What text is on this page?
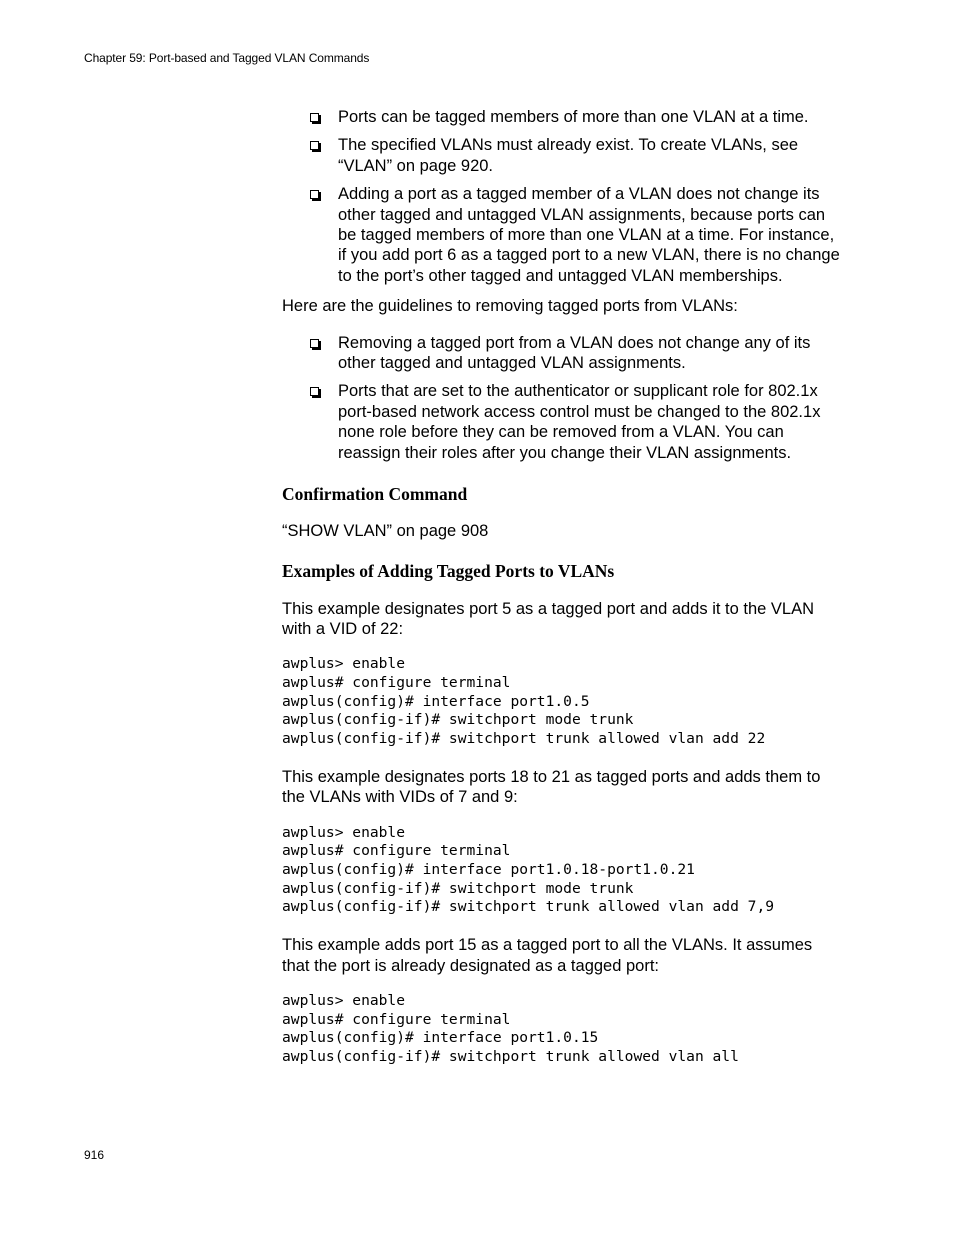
Chapter 59: Port-based and Tagged VLAN Commands
Ports can be tagged members of more than one VLAN at a time.
The specified VLANs must already exist. To create VLANs, see “VLAN” on page 920.
Adding a port as a tagged member of a VLAN does not change its other tagged and untagged VLAN assignments, because ports can be tagged members of more than one VLAN at a time. For instance, if you add port 6 as a tagged port to a new VLAN, there is no change to the port’s other tagged and untagged VLAN memberships.

Here are the guidelines to removing tagged ports from VLANs:

Removing a tagged port from a VLAN does not change any of its other tagged and untagged VLAN assignments.
Ports that are set to the authenticator or supplicant role for 802.1x port-based network access control must be changed to the 802.1x none role before they can be removed from a VLAN. You can reassign their roles after you change their VLAN assignments.
Confirmation Command

“SHOW VLAN” on page 908

Examples of Adding Tagged Ports to VLANs

This example designates port 5 as a tagged port and adds it to the VLAN with a VID of 22:

awplus> enable
awplus# configure terminal
awplus(config)# interface port1.0.5
awplus(config-if)# switchport mode trunk
awplus(config-if)# switchport trunk allowed vlan add 22

This example designates ports 18 to 21 as tagged ports and adds them to the VLANs with VIDs of 7 and 9:

awplus> enable
awplus# configure terminal
awplus(config)# interface port1.0.18-port1.0.21
awplus(config-if)# switchport mode trunk
awplus(config-if)# switchport trunk allowed vlan add 7,9

This example adds port 15 as a tagged port to all the VLANs. It assumes that the port is already designated as a tagged port:

awplus> enable
awplus# configure terminal
awplus(config)# interface port1.0.15
awplus(config-if)# switchport trunk allowed vlan all
916
